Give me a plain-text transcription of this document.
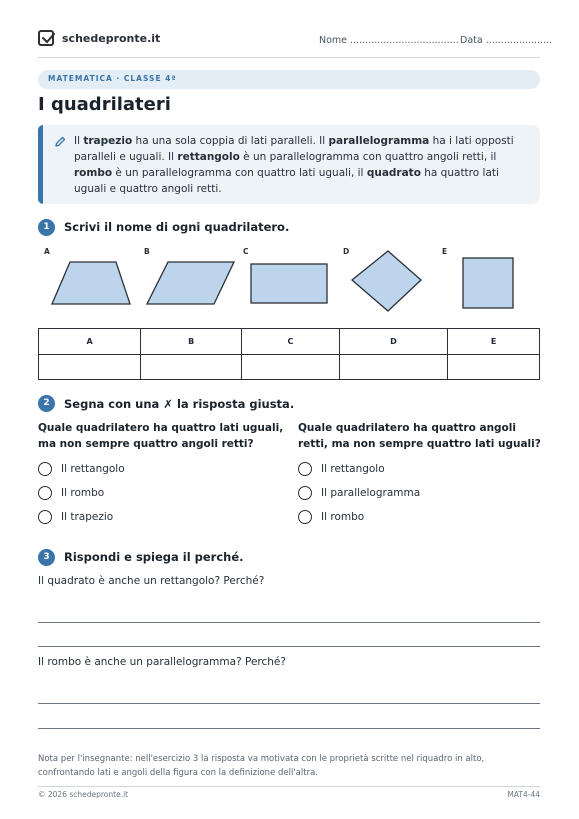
schedepronte.it	Nome .................................... Data ......................
MATEMATICA · CLASSE 4ª
I quadrilateri
Il trapezio ha una sola coppia di lati paralleli. Il parallelogramma ha i lati opposti paralleli e uguali. Il rettangolo è un parallelogramma con quattro angoli retti, il rombo è un parallelogramma con quattro lati uguali, il quadrato ha quattro lati uguali e quattro angoli retti.
1	Scrivi il nome di ogni quadrilatero.
A	B	C	D	E
A	B	C	D	E

2	Segna con una ✗ la risposta giusta.
Quale quadrilatero ha quattro lati uguali,
ma non sempre quattro angoli retti?
Quale quadrilatero ha quattro angoli
retti, ma non sempre quattro lati uguali?
Il rettangolo
Il rombo
Il trapezio
Il rettangolo
Il parallelogramma
Il rombo
3	Rispondi e spiega il perché.
Il quadrato è anche un rettangolo? Perché?
Il rombo è anche un parallelogramma? Perché?
Nota per l'insegnante: nell'esercizio 3 la risposta va motivata con le proprietà scritte nel riquadro in alto, confrontando lati e angoli della figura con la definizione dell'altra.
© 2026 schedepronte.it	MAT4-44
